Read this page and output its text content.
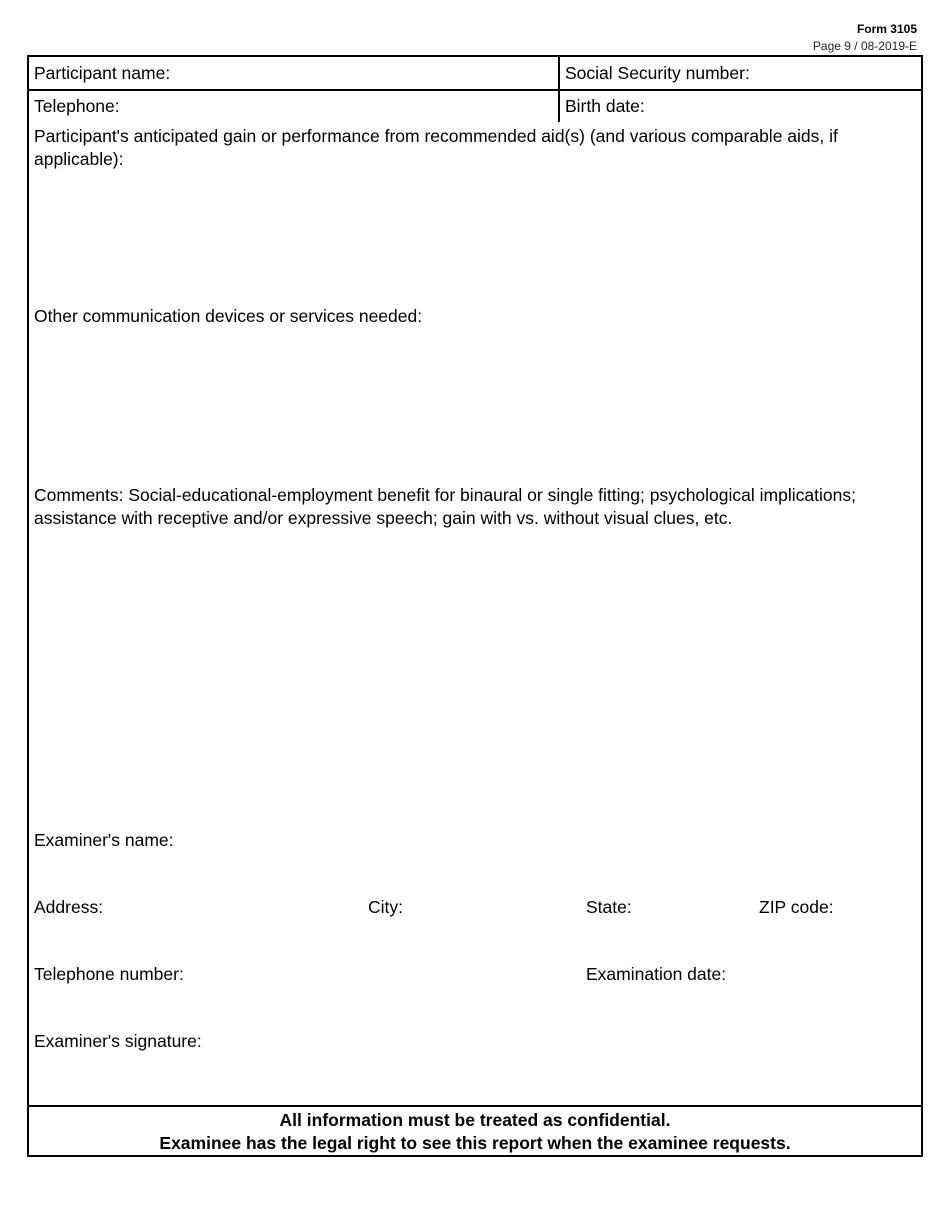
Form 3105
Page 9 / 08-2019-E
Participant name:	Social Security number:
Telephone:	Birth date:
Participant's anticipated gain or performance from recommended aid(s) (and various comparable aids, if applicable):
Other communication devices or services needed:
Comments: Social-educational-employment benefit for binaural or single fitting; psychological implications; assistance with receptive and/or expressive speech; gain with vs. without visual clues, etc.
Examiner's name:
Address:	City:	State:	ZIP code:
Telephone number:	Examination date:
Examiner's signature:
All information must be treated as confidential.
Examinee has the legal right to see this report when the examinee requests.
